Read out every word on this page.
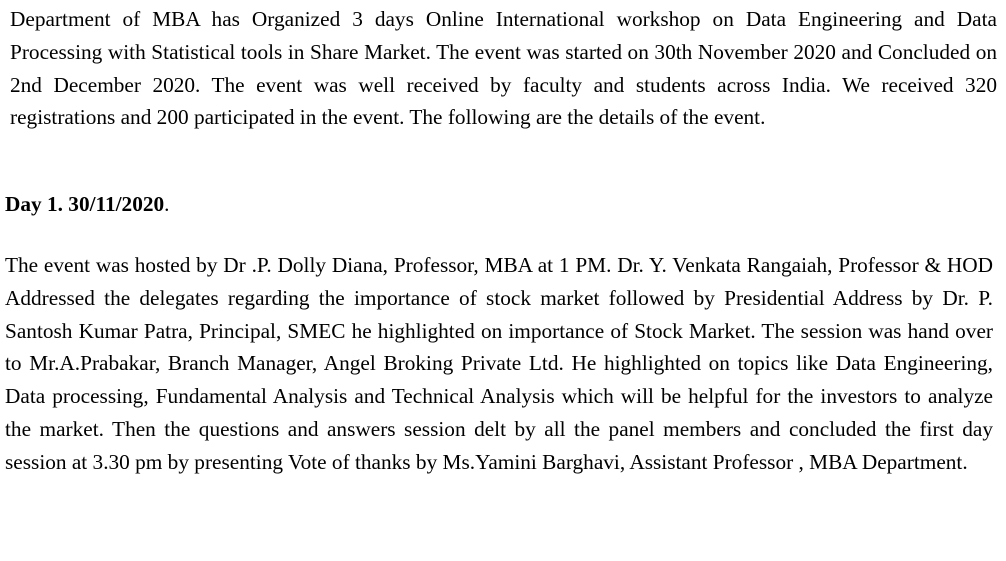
Department of MBA has Organized 3 days Online International workshop on Data Engineering and Data Processing with Statistical tools in Share Market. The event was started on 30th November 2020 and Concluded on 2nd December 2020. The event was well received by faculty and students across India. We received 320 registrations and 200 participated in the event. The following are the details of the event.

Day 1. 30/11/2020.

The event was hosted by Dr .P. Dolly Diana, Professor, MBA at 1 PM. Dr. Y. Venkata Rangaiah, Professor & HOD Addressed the delegates regarding the importance of stock market followed by Presidential Address by Dr. P. Santosh Kumar Patra, Principal, SMEC he highlighted on importance of Stock Market. The session was hand over to Mr.A.Prabakar, Branch Manager, Angel Broking Private Ltd. He highlighted on topics like Data Engineering, Data processing, Fundamental Analysis and Technical Analysis which will be helpful for the investors to analyze the market. Then the questions and answers session delt by all the panel members and concluded the first day session at 3.30 pm by presenting Vote of thanks by Ms.Yamini Barghavi, Assistant Professor , MBA Department.
